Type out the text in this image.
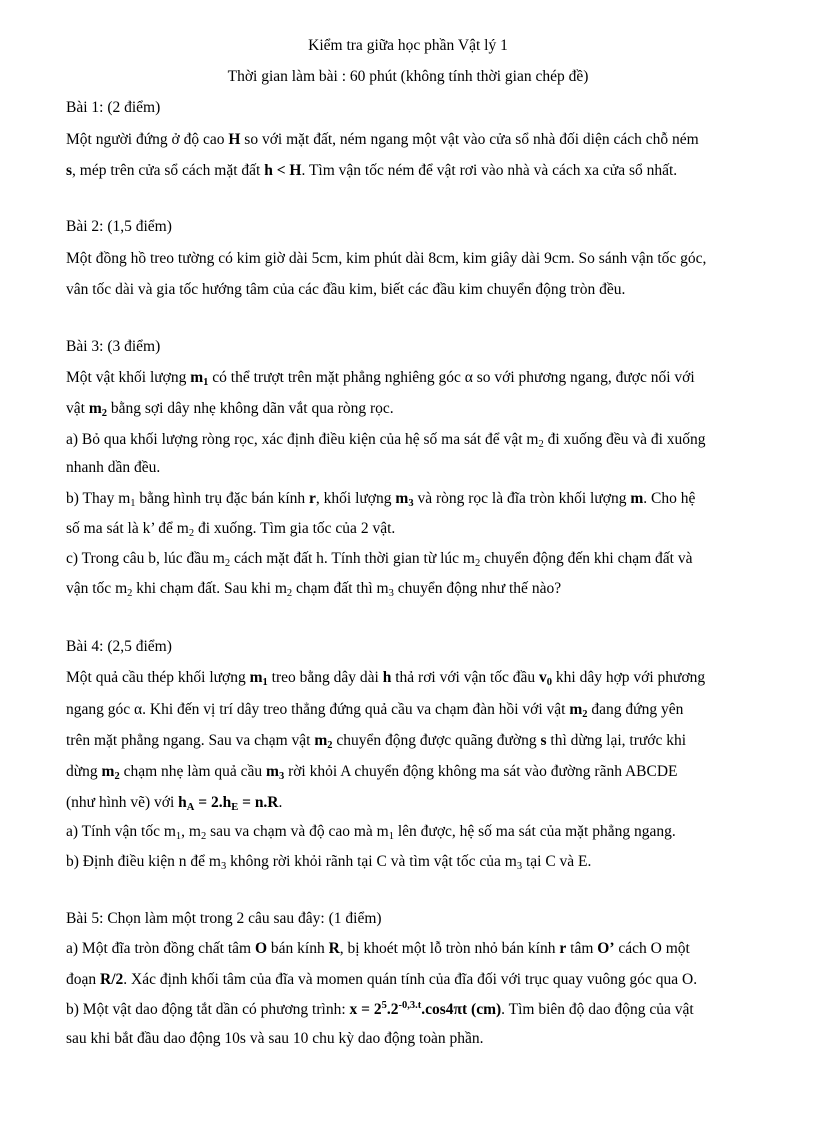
Kiểm tra giữa học phần Vật lý 1
Thời gian làm bài : 60 phút (không tính thời gian chép đề)
Bài 1: (2 điểm)
Một người đứng ở độ cao H so với mặt đất, ném ngang một vật vào cửa sổ nhà đối diện cách chỗ ném
s, mép trên cửa sổ cách mặt đất h < H. Tìm vận tốc ném để vật rơi vào nhà và cách xa cửa sổ nhất.
Bài 2: (1,5 điểm)
Một đồng hồ treo tường có kim giờ dài 5cm, kim phút dài 8cm, kim giây dài 9cm. So sánh vận tốc góc,
vân tốc dài và gia tốc hướng tâm của các đầu kim, biết các đầu kim chuyển động tròn đều.
Bài 3: (3 điểm)
Một vật khối lượng $m_1$ có thể trượt trên mặt phẳng nghiêng góc α so với phương ngang, được nối với
vật $m_2$ bằng sợi dây nhẹ không dãn vắt qua ròng rọc.
a) Bỏ qua khối lượng ròng rọc, xác định điều kiện của hệ số ma sát để vật $m_2$ đi xuống đều và đi xuống
nhanh dần đều.
b) Thay $m_1$ bằng hình trụ đặc bán kính r, khối lượng $m_3$ và ròng rọc là đĩa tròn khối lượng m. Cho hệ
số ma sát là k’ để $m_2$ đi xuống. Tìm gia tốc của 2 vật.
c) Trong câu b, lúc đầu $m_2$ cách mặt đất h. Tính thời gian từ lúc $m_2$ chuyển động đến khi chạm đất và
vận tốc $m_2$ khi chạm đất. Sau khi $m_2$ chạm đất thì $m_3$ chuyển động như thế nào?
Bài 4: (2,5 điểm)
Một quả cầu thép khối lượng $m_1$ treo bằng dây dài h thả rơi với vận tốc đầu $v_0$ khi dây hợp với phương
ngang góc α. Khi đến vị trí dây treo thẳng đứng quả cầu va chạm đàn hồi với vật $m_2$ đang đứng yên
trên mặt phẳng ngang. Sau va chạm vật $m_2$ chuyển động được quãng đường s thì dừng lại, trước khi
dừng $m_2$ chạm nhẹ làm quả cầu $m_3$ rời khỏi A chuyển động không ma sát vào đường rãnh ABCDE
(như hình vẽ) với $h_A = 2.h_E = n.R$.
a) Tính vận tốc $m_1$, $m_2$ sau va chạm và độ cao mà $m_1$ lên được, hệ số ma sát của mặt phẳng ngang.
b) Định điều kiện n để $m_3$ không rời khỏi rãnh tại C và tìm vật tốc của $m_3$ tại C và E.
Bài 5: Chọn làm một trong 2 câu sau đây: (1 điểm)
a) Một đĩa tròn đồng chất tâm O bán kính R, bị khoét một lỗ tròn nhỏ bán kính r tâm O’ cách O một
đoạn R/2. Xác định khối tâm của đĩa và momen quán tính của đĩa đối với trục quay vuông góc qua O.
b) Một vật dao động tắt dần có phương trình: $x = 2^5.2^{-0,3.t}.\cos 4\pi t$ (cm). Tìm biên độ dao động của vật
sau khi bắt đầu dao động 10s và sau 10 chu kỳ dao động toàn phần.
